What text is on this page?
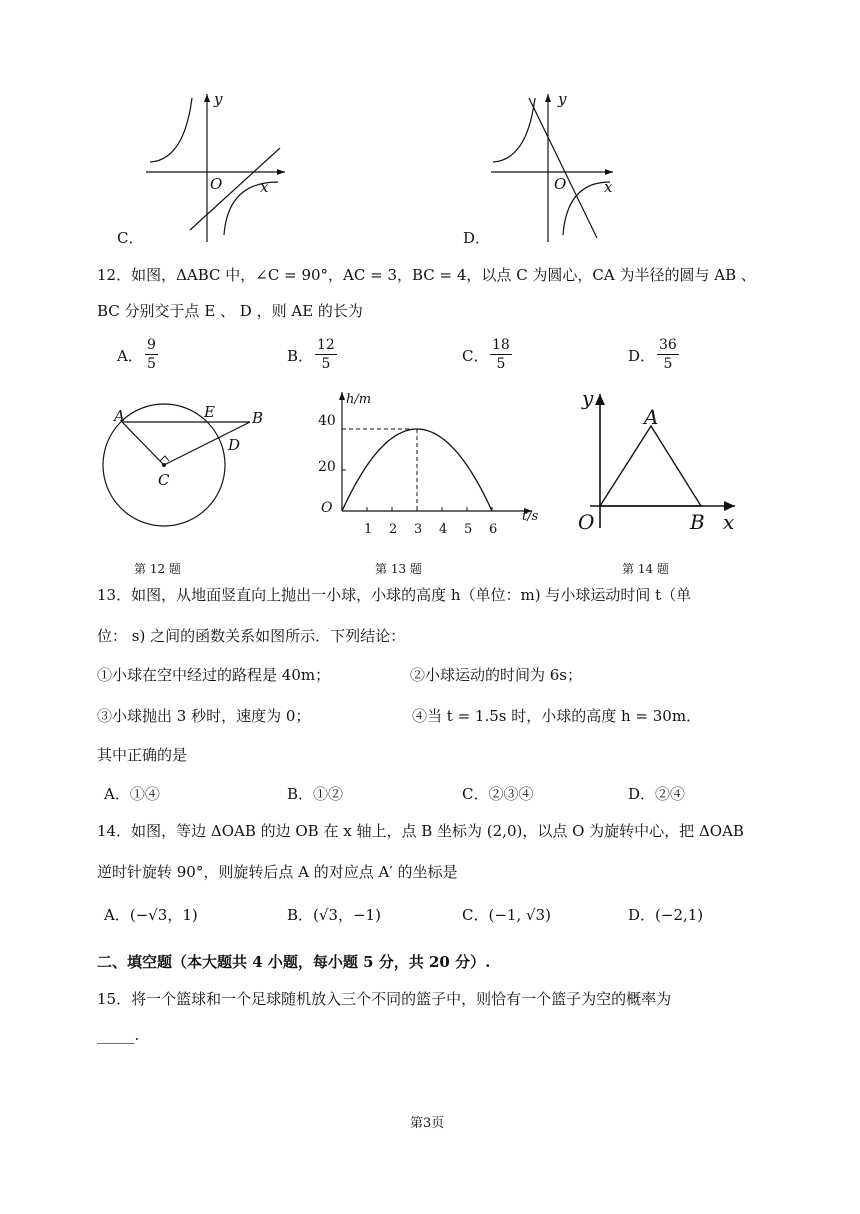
y
O	x
C．
y
O	x
D．
12．如图，ΔABC 中，∠C = 90°，AC = 3，BC = 4，以点 C 为圆心，CA 为半径的圆与 AB 、
BC 分别交于点 E 、 D ，则 AE 的长为
A． $\frac{9}{5}$	B． $\frac{12}{5}$	C． $\frac{18}{5}$	D． $\frac{36}{5}$
A	E B
D
C
第 12 题
h/m
t/s
O
40
20
1 2 3 4 5 6
第 13 题
y
A
O	B x
第 14 题
13．如图，从地面竖直向上抛出一小球，小球的高度 h（单位：m) 与小球运动时间 t（单
位： s) 之间的函数关系如图所示．下列结论：
①小球在空中经过的路程是 40m；	②小球运动的时间为 6s；
③小球抛出 3 秒时，速度为 0；	④当 t = 1.5s 时，小球的高度 h = 30m．
其中正确的是
A．①④	B．①②	C．②③④	D．②④
14．如图，等边 ΔOAB 的边 OB 在 x 轴上，点 B 坐标为 (2,0)，以点 O 为旋转中心，把 ΔOAB
逆时针旋转 90°，则旋转后点 A 的对应点 A′ 的坐标是
A．(−√3，1)	B．(√3，−1)	C．(−1, √3)	D．(−2,1)
二、填空题（本大题共 4 小题，每小题 5 分，共 20 分）.
15．将一个篮球和一个足球随机放入三个不同的篮子中，则恰有一个篮子为空的概率为
_____.
第3页
